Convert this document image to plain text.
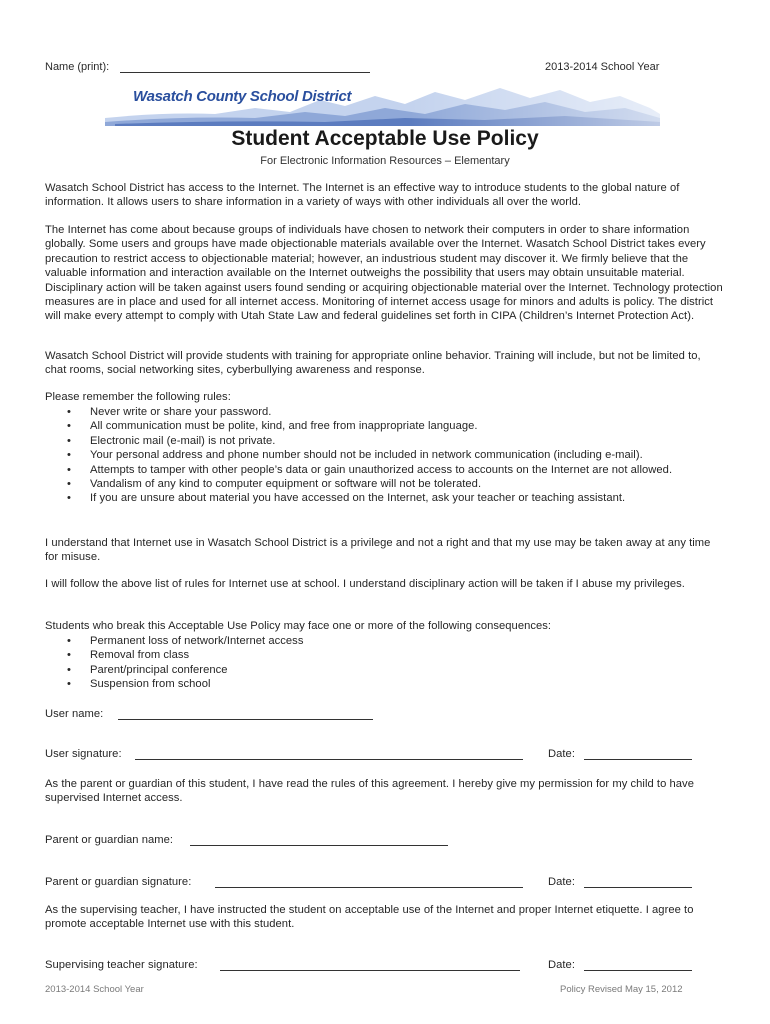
Name (print):	2013-2014 School Year
Wasatch County School District
Student Acceptable Use Policy
For Electronic Information Resources – Elementary

Wasatch School District has access to the Internet. The Internet is an effective way to introduce students to the global nature of information. It allows users to share information in a variety of ways with other individuals all over the world.

The Internet has come about because groups of individuals have chosen to network their computers in order to share information globally. Some users and groups have made objectionable materials available over the Internet. Wasatch School District takes every precaution to restrict access to objectionable material; however, an industrious student may discover it. We firmly believe that the valuable information and interaction available on the Internet outweighs the possibility that users may obtain unsuitable material. Disciplinary action will be taken against users found sending or acquiring objectionable material over the Internet. Technology protection measures are in place and used for all internet access. Monitoring of internet access usage for minors and adults is policy. The district will make every attempt to comply with Utah State Law and federal guidelines set forth in CIPA (Children’s Internet Protection Act).

Wasatch School District will provide students with training for appropriate online behavior. Training will include, but not be limited to, chat rooms, social networking sites, cyberbullying awareness and response.

Please remember the following rules:

• Never write or share your password.
• All communication must be polite, kind, and free from inappropriate language.
• Electronic mail (e-mail) is not private.
• Your personal address and phone number should not be included in network communication (including e-mail).
• Attempts to tamper with other people’s data or gain unauthorized access to accounts on the Internet are not allowed.
• Vandalism of any kind to computer equipment or software will not be tolerated.
• If you are unsure about material you have accessed on the Internet, ask your teacher or teaching assistant.

I understand that Internet use in Wasatch School District is a privilege and not a right and that my use may be taken away at any time for misuse.

I will follow the above list of rules for Internet use at school. I understand disciplinary action will be taken if I abuse my privileges.

Students who break this Acceptable Use Policy may face one or more of the following consequences:

• Permanent loss of network/Internet access
• Removal from class
• Parent/principal conference
• Suspension from school
User name:
User signature:	Date:

As the parent or guardian of this student, I have read the rules of this agreement. I hereby give my permission for my child to have supervised Internet access.

Parent or guardian name:
Parent or guardian signature:	Date:

As the supervising teacher, I have instructed the student on acceptable use of the Internet and proper Internet etiquette. I agree to promote acceptable Internet use with this student.

Supervising teacher signature:	Date:
2013-2014 School Year	Policy Revised May 15, 2012
